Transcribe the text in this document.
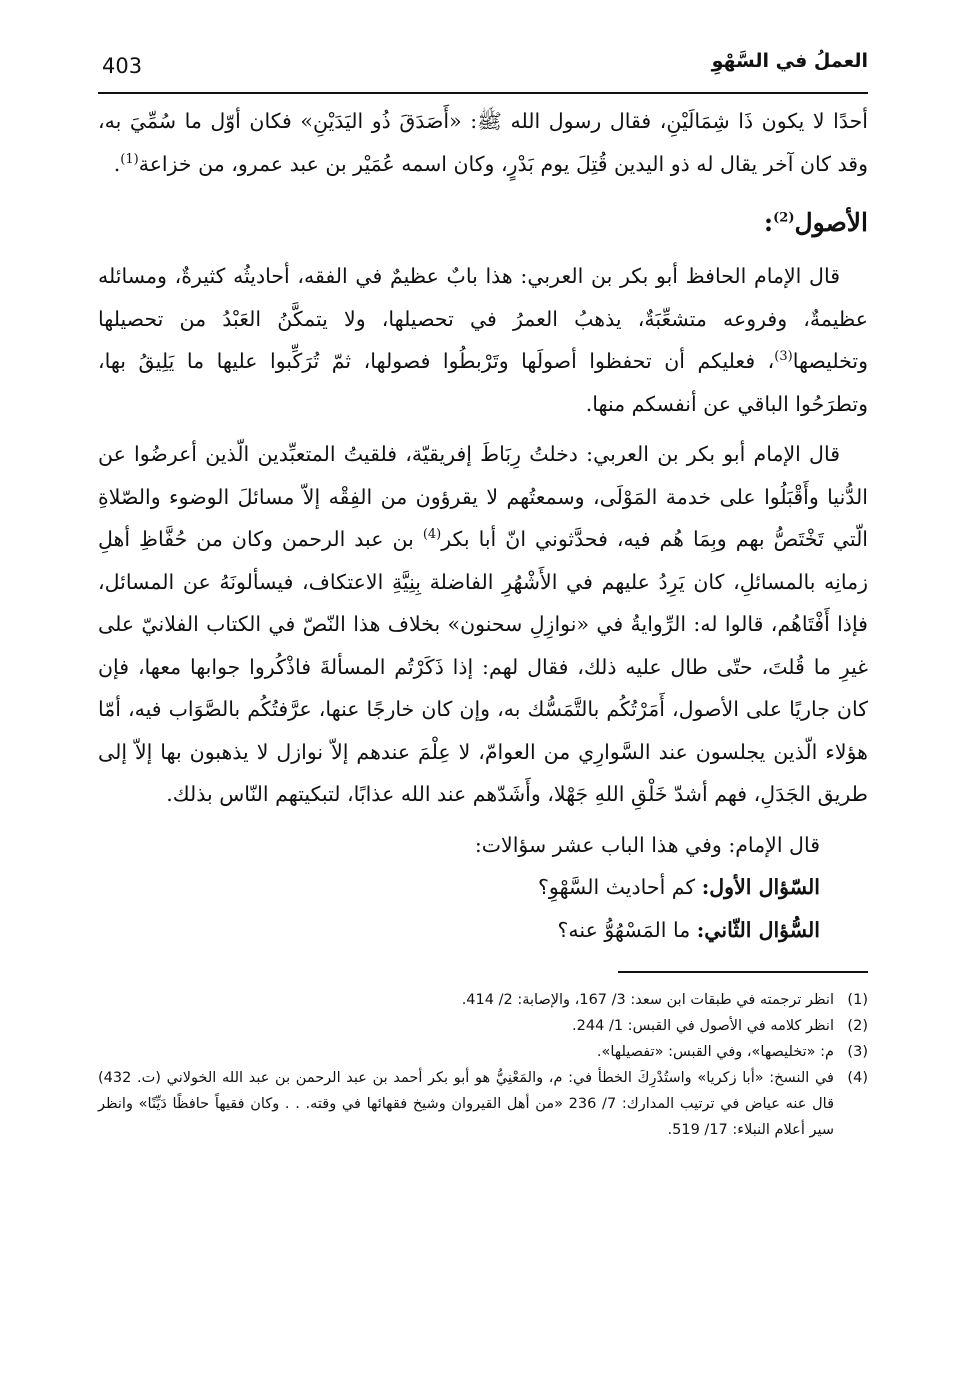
403	العملُ في السَّهْوِ

أحدًا لا يكون ذَا شِمَالَيْنِ، فقال رسول الله ﷺ: «أَصَدَقَ ذُو اليَدَيْنِ» فكان أوّل ما سُمِّيَ به، وقد كان آخر يقال له ذو اليدين قُتِلَ يوم بَدْرٍ، وكان اسمه عُمَيْر بن عبد عمرو، من خزاعة$^{(1)}$.

الأصول$^{(2)}$:

قال الإمام الحافظ أبو بكر بن العربي: هذا بابٌ عظيمٌ في الفقه، أحاديثُه كثيرةٌ، ومسائله عظيمةٌ، وفروعه متشعِّبَةٌ، يذهبُ العمرُ في تحصيلها، ولا يتمكَّنُ العَبْدُ من تحصيلها وتخليصها$^{(3)}$، فعليكم أن تحفظوا أصولَها وتَرْبطُوا فصولها، ثمّ تُرَكِّبوا عليها ما يَلِيقُ بها، وتطرَحُوا الباقي عن أنفسكم منها.

قال الإمام أبو بكر بن العربي: دخلتُ رِبَاطَ إفريقيّة، فلقيتُ المتعبِّدين الّذين أعرضُوا عن الدُّنيا وأَقْبَلُوا على خدمة المَوْلَى، وسمعتُهم لا يقرؤون من الفِقْه إلاّ مسائلَ الوضوء والصّلاةِ الّتي تَخْتَصُّ بهم وبِمَا هُم فيه، فحدَّثوني انّ أبا بكر$^{(4)}$ بن عبد الرحمن وكان من حُفَّاظِ أهلِ زمانِه بالمسائلِ، كان يَرِدُ عليهم في الأَشْهُرِ الفاضلة بِنِيَّةِ الاعتكاف، فيسألونَهُ عن المسائل، فإذا أَفْتَاهُم، قالوا له: الرِّوايةُ في «نوازِلِ سحنون» بخلاف هذا النّصّ في الكتاب الفلانيّ على غيرِ ما قُلتَ، حتّى طال عليه ذلك، فقال لهم: إذا ذَكَرْتُم المسألةَ فاذْكُروا جوابها معها، فإن كان جاريًا على الأصول، أَمَرْتُكُم بالتَّمَسُّك به، وإن كان خارجًا عنها، عرَّفتُكُم بالصَّوَاب فيه، أمّا هؤلاء الّذين يجلسون عند السَّوارِي من العوامّ، لا عِلْمَ عندهم إلاّ نوازل لا يذهبون بها إلاّ إلى طريق الجَدَلِ، فهم أشدّ خَلْقِ اللهِ جَهْلا، وأَشَدّهم عند الله عذابًا، لتبكيتهم النّاس بذلك.

قال الإمام: وفي هذا الباب عشر سؤالات:

السّؤال الأول: كم أحاديث السَّهْوِ؟

السُّؤال الثّاني: ما المَسْهُوُّ عنه؟

(1)
انظر ترجمته في طبقات ابن سعد: 3/ 167، والإصابة: 2/ 414.
(2)
انظر كلامه في الأصول في القبس: 1/ 244.
(3)
م: «تخليصها»، وفي القبس: «تفصيلها».
(4)
في النسخ: «أبا زكريا» واستُدْرِكَ الخطأ في: م، والمَعْنِيُّ هو أبو بكر أحمد بن عبد الرحمن بن عبد الله الخولاني (ت. 432) قال عنه عياض في ترتيب المدارك: 7/ 236 «من أهل القيروان وشيخ فقهائها في وقته. . . وكان فقيهاً حافظًا دَيِّنًا» وانظر سير أعلام النبلاء: 17/ 519.
